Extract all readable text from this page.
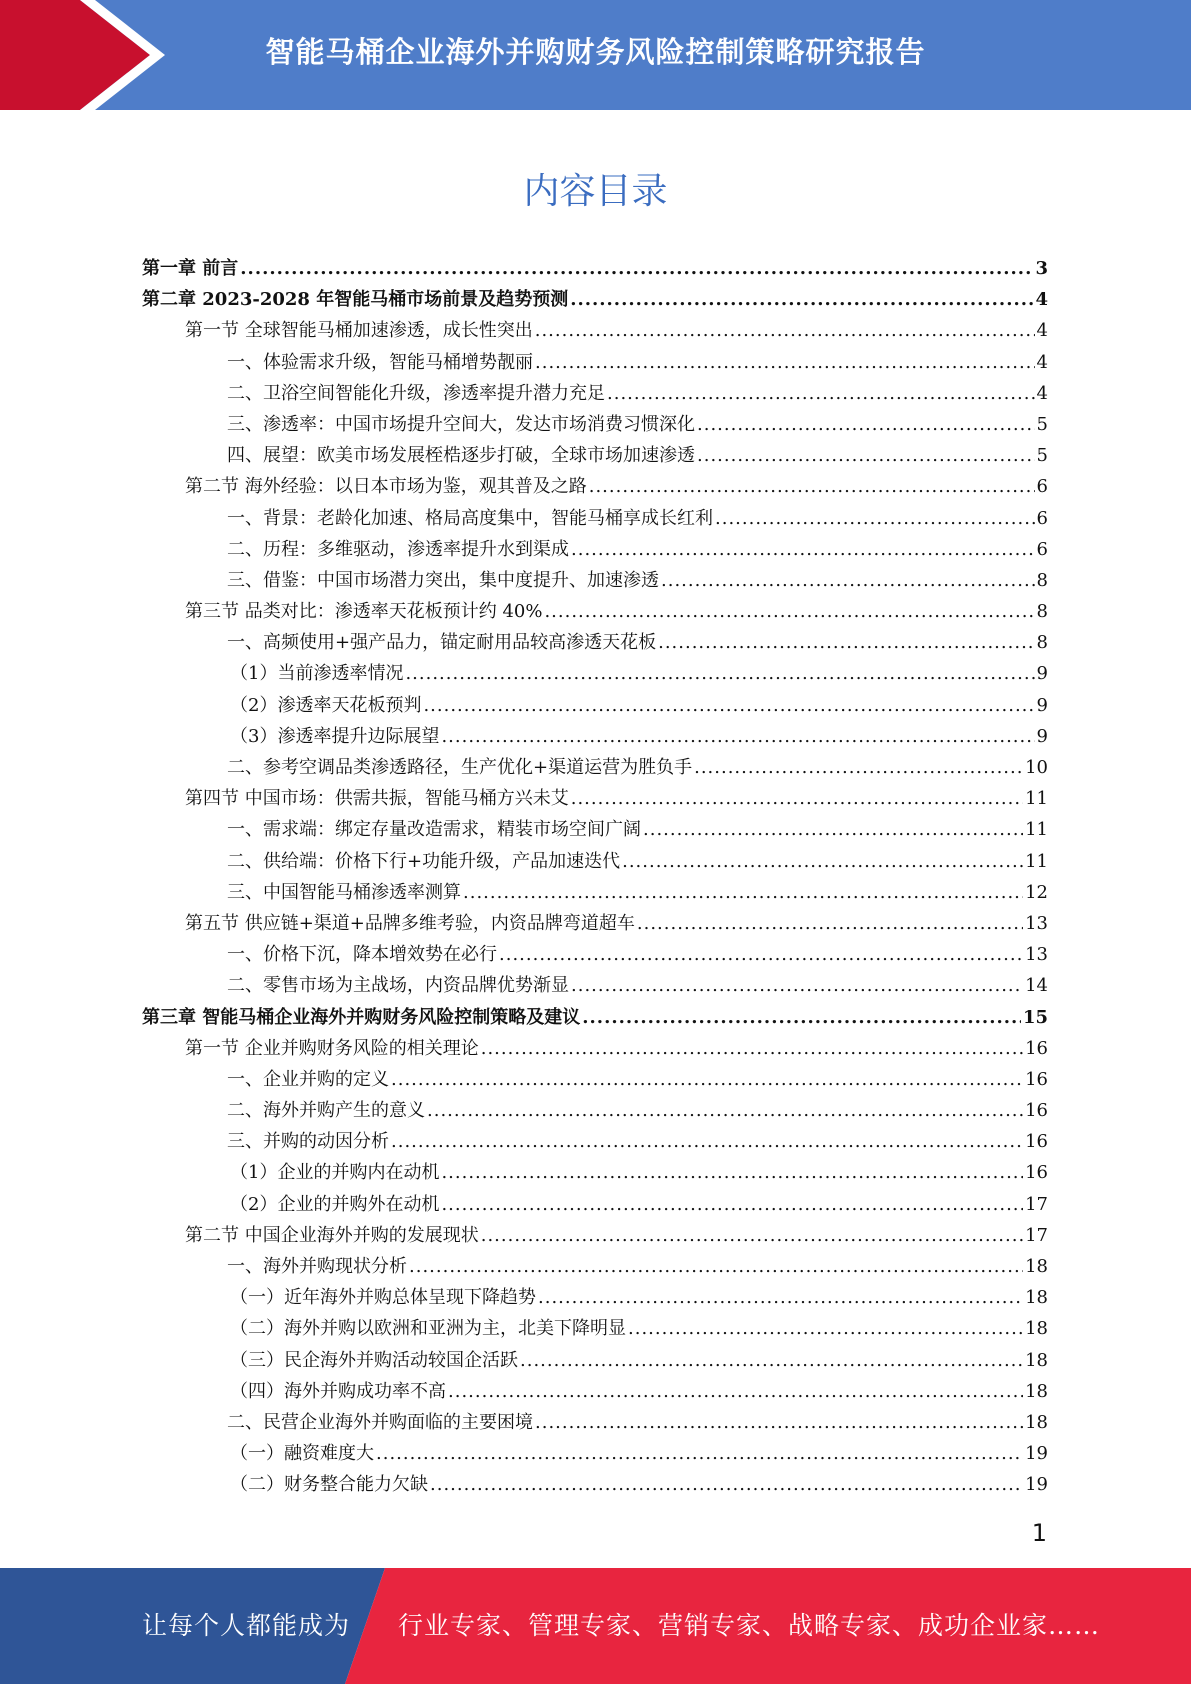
智能马桶企业海外并购财务风险控制策略研究报告
内容目录
第一章 前言 .....	3
第二章 2023-2028 年智能马桶市场前景及趋势预测 .....	4
第一节 全球智能马桶加速渗透，成长性突出 .....	4
一、体验需求升级，智能马桶增势靓丽 .....	4
二、卫浴空间智能化升级，渗透率提升潜力充足 .....	4
三、渗透率：中国市场提升空间大，发达市场消费习惯深化 .....	5
四、展望：欧美市场发展桎梏逐步打破，全球市场加速渗透 .....	5
第二节 海外经验：以日本市场为鉴，观其普及之路 .....	6
一、背景：老龄化加速、格局高度集中，智能马桶享成长红利 .....	6
二、历程：多维驱动，渗透率提升水到渠成 .....	6
三、借鉴：中国市场潜力突出，集中度提升、加速渗透 .....	8
第三节 品类对比：渗透率天花板预计约 40% .....	8
一、高频使用+强产品力，锚定耐用品较高渗透天花板 .....	8
（1）当前渗透率情况 .....	9
（2）渗透率天花板预判 .....	9
（3）渗透率提升边际展望 .....	9
二、参考空调品类渗透路径，生产优化+渠道运营为胜负手 .....	10
第四节 中国市场：供需共振，智能马桶方兴未艾 .....	11
一、需求端：绑定存量改造需求，精装市场空间广阔 .....	11
二、供给端：价格下行+功能升级，产品加速迭代 .....	11
三、中国智能马桶渗透率测算 .....	12
第五节 供应链+渠道+品牌多维考验，内资品牌弯道超车 .....	13
一、价格下沉，降本增效势在必行 .....	13
二、零售市场为主战场，内资品牌优势渐显 .....	14
第三章 智能马桶企业海外并购财务风险控制策略及建议 .....	15
第一节 企业并购财务风险的相关理论 .....	16
一、企业并购的定义 .....	16
二、海外并购产生的意义 .....	16
三、并购的动因分析 .....	16
（1）企业的并购内在动机 .....	16
（2）企业的并购外在动机 .....	17
第二节 中国企业海外并购的发展现状 .....	17
一、海外并购现状分析 .....	18
（一）近年海外并购总体呈现下降趋势 .....	18
（二）海外并购以欧洲和亚洲为主，北美下降明显 .....	18
（三）民企海外并购活动较国企活跃 .....	18
（四）海外并购成功率不高 .....	18
二、民营企业海外并购面临的主要困境 .....	18
（一）融资难度大 .....	19
（二）财务整合能力欠缺 .....	19
1
让每个人都能成为 行业专家、管理专家、营销专家、战略专家、成功企业家……
